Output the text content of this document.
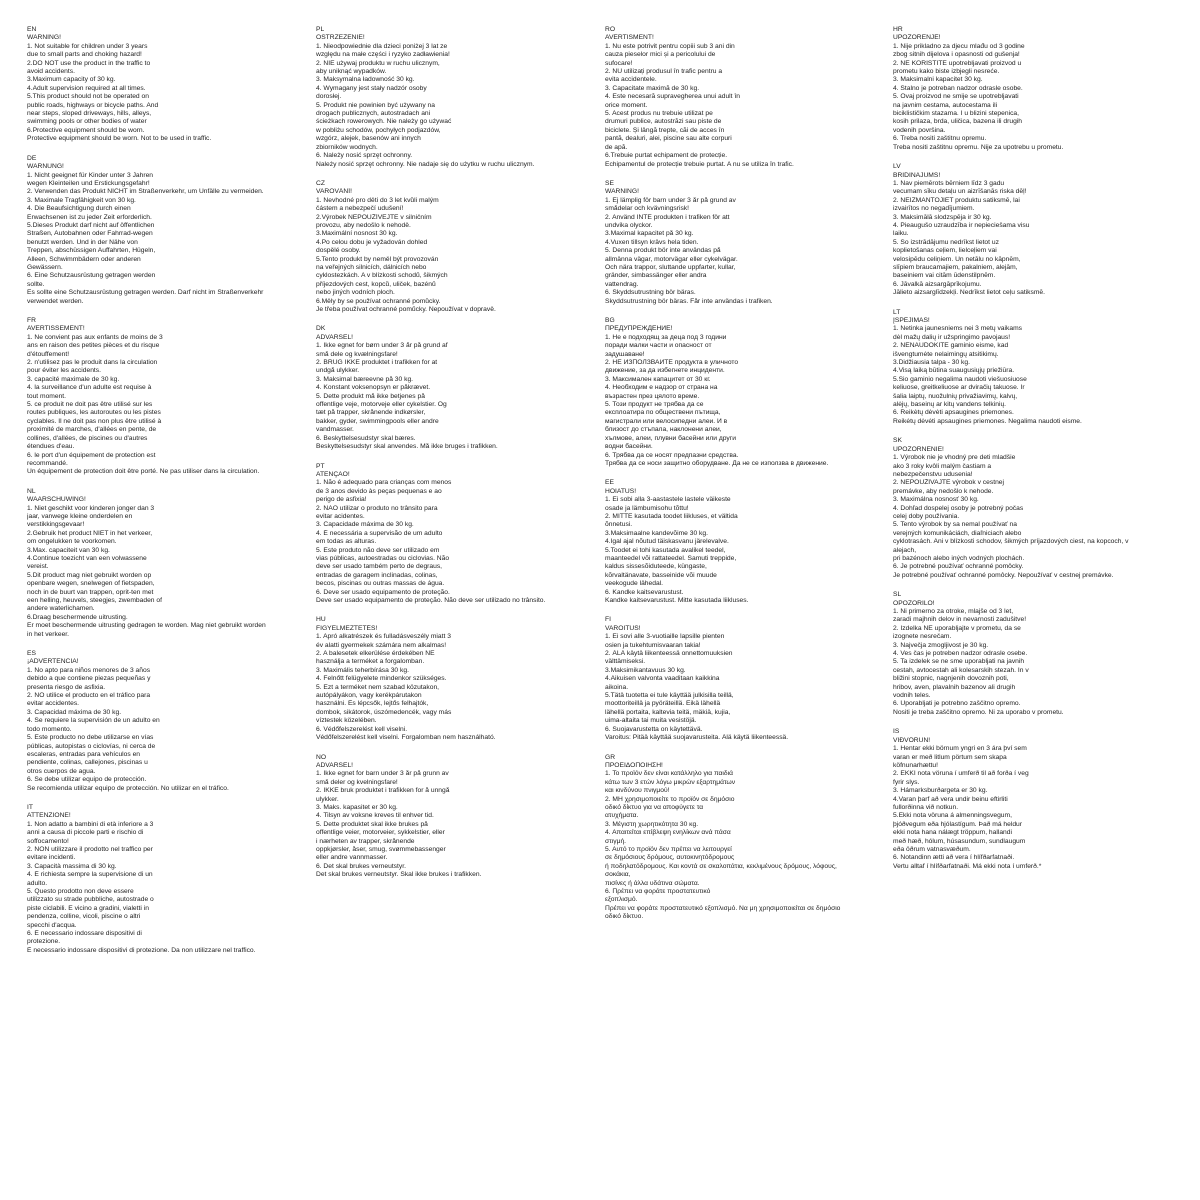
EN
WARNING!
1. Not suitable for children under 3 years
due to small parts and choking hazard!
2.DO NOT use the product in the traffic to
avoid accidents.
3.Maximum capacity of 30 kg.
4.Adult supervision required at all times.
5.This product should not be operated on
public roads, highways or bicycle paths. And
near steps, sloped driveways, hills, alleys,
swimming pools or other bodies of water
6.Protective equipment should be worn.
Protective equipment should be worn. Not to be used in traffic.
DE
WARNUNG!
1. Nicht geeignet für Kinder unter 3 Jahren
wegen Kleinteilen und Erstickungsgefahr!
2. Verwenden das Produkt NICHT im Straßenverkehr, um Unfälle zu vermeiden.
3. Maximale Tragfähigkeit von 30 kg.
4. Die Beaufsichtigung durch einen
Erwachsenen ist zu jeder Zeit erforderlich.
5.Dieses Produkt darf nicht auf öffentlichen
Straßen, Autobahnen oder Fahrrad-wegen
benutzt werden. Und in der Nähe von
Treppen, abschüssigen Auffahrten, Hügeln,
Alleen, Schwimmbädern oder anderen
Gewässern.
6. Eine Schutzausrüstung getragen werden
sollte.
Es sollte eine Schutzausrüstung getragen werden. Darf nicht im Straßenverkehr
verwendet werden.
FR
AVERTISSEMENT!
1. Ne convient pas aux enfants de moins de 3
ans en raison des petites pièces et du risque
d'étouffement!
2. n'utilisez pas le produit dans la circulation
pour éviter les accidents.
3. capacité maximale de 30 kg.
4. la surveillance d'un adulte est requise à
tout moment.
5. ce produit ne doit pas être utilisé sur les
routes publiques, les autoroutes ou les pistes
cyclables. Il ne doit pas non plus être utilisé à
proximité de marches, d'allées en pente, de
collines, d'allées, de piscines ou d'autres
étendues d'eau.
6. le port d'un équipement de protection est
recommandé.
Un équipement de protection doit être porté. Ne pas utiliser dans la circulation.
NL
WAARSCHUWING!
1. Niet geschikt voor kinderen jonger dan 3
jaar, vanwege kleine onderdelen en
verstikkingsgevaar!
2.Gebruik het product NIET in het verkeer,
om ongelukken te voorkomen.
3.Max. capaciteit van 30 kg.
4.Continue toezicht van een volwassene
vereist.
5.Dit product mag niet gebruikt worden op
openbare wegen, snelwegen of fietspaden,
noch in de buurt van trappen, oprit-ten met
een helling, heuvels, steegjes, zwembaden of
andere waterlichamen.
6.Draag beschermende uitrusting.
Er moet beschermende uitrusting gedragen te worden. Mag niet gebruikt worden
in het verkeer.
ES
¡ADVERTENCIA!
1. No apto para niños menores de 3 años
debido a que contiene piezas pequeñas y
presenta riesgo de asfixia.
2. NO utilice el producto en el tráfico para
evitar accidentes.
3. Capacidad máxima de 30 kg.
4. Se requiere la supervisión de un adulto en
todo momento.
5. Este producto no debe utilizarse en vías
públicas, autopistas o ciclovías, ni cerca de
escaleras, entradas para vehículos en
pendiente, colinas, callejones, piscinas u
otros cuerpos de agua.
6. Se debe utilizar equipo de protección.
Se recomienda utilizar equipo de protección. No utilizar en el tráfico.
IT
ATTENZIONE!
1. Non adatto a bambini di età inferiore a 3
anni a causa di piccole parti e rischio di
soffocamento!
2. NON utilizzare il prodotto nel traffico per
evitare incidenti.
3. Capacità massima di 30 kg.
4. È richiesta sempre la supervisione di un
adulto.
5. Questo prodotto non deve essere
utilizzato su strade pubbliche, autostrade o
piste ciclabili. E vicino a gradini, vialetti in
pendenza, colline, vicoli, piscine o altri
specchi d'acqua.
6. È necessario indossare dispositivi di
protezione.
È necessario indossare dispositivi di protezione. Da non utilizzare nel traffico.
PL
OSTRZEŻENIE!
1. Nieodpowiednie dla dzieci poniżej 3 lat ze
względu na małe części i ryzyko zadławienia!
2. NIE używaj produktu w ruchu ulicznym,
aby uniknąć wypadków.
3. Maksymalna ładowność 30 kg.
4. Wymagany jest stały nadzór osoby
dorosłej.
5. Produkt nie powinien być używany na
drogach publicznych, autostradach ani
ścieżkach rowerowych. Nie należy go używać
w pobliżu schodów, pochyłych podjazdów,
wzgórz, alejek, basenów ani innych
zbiorników wodnych.
6. Należy nosić sprzęt ochronny.
Należy nosić sprzęt ochronny. Nie nadaje się do użytku w ruchu ulicznym.
CZ
VAROVÁNÍ!
1. Nevhodné pro děti do 3 let kvůli malým
částem a nebezpečí udušení!
2.Výrobek NEPOUŽÍVEJTE v silničním
provozu, aby nedošlo k nehodě.
3.Maximální nosnost 30 kg.
4.Po celou dobu je vyžadován dohled
dospělé osoby.
5.Tento produkt by neměl být provozován
na veřejných silnicích, dálnicích nebo
cyklostezkách. A v blízkosti schodů, šikmých
příjezdových cest, kopců, uliček, bazénů
nebo jiných vodních ploch.
6.Měly by se používat ochranné pomůcky.
Je třeba používat ochranné pomůcky. Nepoužívat v dopravě.
DK
ADVARSEL!
1. Ikke egnet for børn under 3 år på grund af
små dele og kvælningsfare!
2. BRUG IKKE produktet i trafikken for at
undgå ulykker.
3. Maksimal bæreevne på 30 kg.
4. Konstant voksenopsyn er påkrævet.
5. Dette produkt må ikke betjenes på
offentlige veje, motorveje eller cykelstier. Og
tæt på trapper, skrånende indkørsler,
bakker, gyder, swimmingpools eller andre
vandmasser.
6. Beskyttelsesudstyr skal bæres.
Beskyttelsesudstyr skal anvendes. Må ikke bruges i trafikken.
PT
ATENÇÃO!
1. Não é adequado para crianças com menos
de 3 anos devido às peças pequenas e ao
perigo de asfixia!
2. NÃO utilizar o produto no trânsito para
evitar acidentes.
3. Capacidade máxima de 30 kg.
4. É necessária a supervisão de um adulto
em todas as alturas.
5. Este produto não deve ser utilizado em
vias públicas, autoestradas ou ciclovias. Não
deve ser usado também perto de degraus,
entradas de garagem inclinadas, colinas,
becos, piscinas ou outras massas de água.
6. Deve ser usado equipamento de proteção.
Deve ser usado equipamento de proteção. Não deve ser utilizado no trânsito.
HU
FIGYELMEZTETÉS!
1. Apró alkatrészek és fulladásveszély miatt 3
év alatti gyermekek számára nem alkalmas!
2. A balesetek elkerülése érdekében NE
használja a terméket a forgalomban.
3. Maximális teherbírása 30 kg.
4. Felnőtt felügyelete mindenkor szükséges.
5. Ezt a terméket nem szabad közutakon,
autópályákon, vagy kerékpárutakon
használni. És lépcsők, lejtős felhajtók,
dombok, sikátorok, úszómedencék, vagy más
víztestek közelében.
6. Védőfelszerelést kell viselni.
Védőfelszerelést kell viselni. Forgalomban nem használható.
NO
ADVARSEL!
1. Ikke egnet for barn under 3 år på grunn av
små deler og kvelningsfare!
2. IKKE bruk produktet i trafikken for å unngå
ulykker.
3. Maks. kapasitet er 30 kg.
4. Tilsyn av voksne kreves til enhver tid.
5. Dette produktet skal ikke brukes på
offentlige veier, motorveier, sykkelstier, eller
i nærheten av trapper, skrånende
oppkjørsler, åser, smug, svømmebassenger
eller andre vannmasser.
6. Det skal brukes verneutstyr.
Det skal brukes verneutstyr. Skal ikke brukes i trafikken.
RO
AVERTISMENT!
1. Nu este potrivit pentru copiii sub 3 ani din
cauza pieselor mici și a pericolului de
sufocare!
2. NU utilizați produsul în trafic pentru a
evita accidentele.
3. Capacitate maximă de 30 kg.
4. Este necesară supravegherea unui adult în
orice moment.
5. Acest produs nu trebuie utilizat pe
drumuri publice, autostrăzi sau piste de
biciclete. Și lângă trepte, căi de acces în
pantă, dealuri, alei, piscine sau alte corpuri
de apă.
6.Trebuie purtat echipament de protecție.
Echipamentul de protecție trebuie purtat. A nu se utiliza în trafic.
SE
WARNING!
1. Ej lämplig för barn under 3 år på grund av
smådelar och kvävningsrisk!
2. Använd INTE produkten i trafiken för att
undvika olyckor.
3.Maximal kapacitet på 30 kg.
4.Vuxen tillsyn krävs hela tiden.
5. Denna produkt bör inte användas på
allmänna vägar, motorvägar eller cykelvägar.
Och nära trappor, sluttande uppfarter, kullar,
gränder, simbassänger eller andra
vattendrag.
6. Skyddsutrustning bör bäras.
Skyddsutrustning bör bäras. Får inte användas i trafiken.
BG
ПРЕДУПРЕЖДЕНИЕ!
1. Не е подходящ за деца под 3 години
поради малки части и опасност от
задушаване!
2. НЕ ИЗПОЛЗВАЙТЕ продукта в уличното
движение, за да избегнете инциденти.
3. Максимален капацитет от 30 кг.
4. Необходим е надзор от страна на
възрастен през цялото време.
5. Този продукт не трябва да се
експлоатира по обществени пътища,
магистрали или велосипедни алеи. И в
близост до стъпала, наклонени алеи,
хълмове, алеи, плувни басейни или други
водни басейни.
6. Трябва да се носят предпазни средства.
Трябва да се носи защитно оборудване. Да не се използва в движение.
EE
HOIATUS!
1. Ei sobi alla 3-aastastele lastele väikeste
osade ja lämbumisohu tõttu!
2. MITTE kasutada toodet liikluses, et vältida
õnnetusi.
3.Maksimaalne kandevõime 30 kg.
4.Igal ajal nõutud täiskasvanu järelevalve.
5.Toodet ei tohi kasutada avalikel teedel,
maanteedel või rattateedel. Samuti treppide,
kaldus sissesõiduteede, küngaste,
kõrvaltänavate, basseinide või muude
veekogude lähedal.
6. Kandke kaitsevarustust.
Kandke kaitsevarustust. Mitte kasutada liikluses.
FI
VAROITUS!
1. Ei sovi alle 3-vuotiaille lapsille pienten
osien ja tukehtumisvaaran takia!
2. ÄLÄ käytä liikenteessä onnettomuuksien
välttämiseksi.
3.Maksimikantavuus 30 kg.
4.Aikuisen valvonta vaaditaan kaikkina
aikoina.
5.Tätä tuotetta ei tule käyttää julkisilla teillä,
moottoriteillä ja pyöräteillä. Eikä lähellä
lähellä portaita, kaltevia teitä, mäkiä, kujia,
uima-altaita tai muita vesistöjä.
6. Suojavarustetta on käytettävä.
Varoitus: Pitää käyttää suojavarusteita. Älä käytä liikenteessä.
GR
ΠΡΟΕΙΔΟΠΟΙΗΣΗ!
1. Το προϊόν δεν είναι κατάλληλο για παιδιά
κάτω των 3 ετών λόγω μικρών εξαρτημάτων
και κινδύνου πνιγμού!
2. ΜΗ χρησιμοποιείτε το προϊόν σε δημόσιο
οδικό δίκτυο για να αποφύγετε τα
ατυχήματα.
3. Μέγιστη χωρητικότητα 30 κg.
4. Απαιτείται επίβλεψη ενηλίκων ανά πάσα
στιγμή.
5. Αυτό το προϊόν δεν πρέπει να λειτουργεί
σε δημόσιους δρόμους, αυτοκινητόδρομους
ή ποδηλατόδρομους. Και κοντά σε σκαλοπάτια, κεκλιμένους δρόμους, λόφους,
σοκάκια,
πισίνες ή άλλα υδάτινα σώματα.
6. Πρέπει να φοράτε προστατευτικό
εξοπλισμό.
Πρέπει να φοράτε προστατευτικό εξοπλισμό. Να μη χρησιμοποιείται σε δημόσιο
οδικό δίκτυο.
HR
UPOZORENJE!
1. Nije prikladno za djecu mlađu od 3 godine
zbog sitnih dijelova i opasnosti od gušenja!
2. NE KORISTITE upotrebljavati proizvod u
prometu kako biste izbjegli nesreće.
3. Maksimalni kapacitet 30 kg.
4. Stalno je potreban nadzor odrasle osobe.
5. Ovaj proizvod ne smije se upotrebljavati
na javnim cestama, autocestama ili
biciklističkim stazama. I u blizini stepenica,
kosih prilaza, brda, uličica, bazena ili drugih
vodenih površina.
6. Treba nositi zaštitnu opremu.
Treba nositi zaštitnu opremu. Nije za upotrebu u prometu.
LV
BRĪDINĀJUMS!
1. Nav piemērots bērniem līdz 3 gadu
vecumam sīku detaļu un aizrīšanās riska dēļ!
2. NEIZMANTOJIET produktu satiksmē, lai
izvairītos no negadījumiem.
3. Maksimālā slodzspēja ir 30 kg.
4. Pieaugušo uzraudzība ir nepieciešama visu
laiku.
5. So izstrādājumu nedrīkst lietot uz
koplietošanas ceļiem, lielceļiem vai
velosipēdu celiņiem. Un netālu no kāpnēm,
slīpiem braucamajiem, pakalniem, alejām,
baseiniem vai citām ūdenstilpnēm.
6. Jāvalkā aizsargāprīkojumu.
Jālieto aizsarglīdzekļi. Nedrīkst lietot ceļu satiksmē.
LT
ĮSPĖJIMAS!
1. Netinka jaunesniems nei 3 metų vaikams
dėl mažų dalių ir užspringimo pavojaus!
2. NENAUDOKITE gaminio eisme, kad
išvengtumėte nelaimingų atsitikimų.
3.Didžiausia talpa - 30 kg.
4.Visą laiką būtina suaugusiųjų priežiūra.
5.Šio gaminio negalima naudoti viešuosiuose
keliuose, greitkeliuose ar dviračių takuose. Ir
šalia laiptų, nuožulnių privažiavimų, kalvų,
alėjų, baseinų ar kitų vandens telkinių.
6. Reikėtų dėvėti apsaugines priemones.
Reikėtų dėvėti apsaugines priemones. Negalima naudoti eisme.
SK
UPOZORNENIE!
1. Výrobok nie je vhodný pre deti mladšie
ako 3 roky kvôli malým častiam a
nebezpečenstvu udusenia!
2. NEPOUŽÍVAJTE výrobok v cestnej
premávke, aby nedošlo k nehode.
3. Maximálna nosnosť 30 kg.
4. Dohľad dospelej osoby je potrebný počas
celej doby používania.
5. Tento výrobok by sa nemal používať na
verejných komunikáciách, diaľniciach alebo
cyklotrasách. Ani v blízkosti schodov, šikmých príjazdových ciest, na kopcoch, v
alejach,
pri bazénoch alebo iných vodných plochách.
6. Je potrebné používať ochranné pomôcky.
Je potrebné používať ochranné pomôcky. Nepoužívať v cestnej premávke.
SL
OPOZORILO!
1. Ni primerno za otroke, mlajše od 3 let,
zaradi majhnih delov in nevarnosti zadušitve!
2. Izdelka NE uporabljajte v prometu, da se
izognete nesrečam.
3. Največja zmogljivost je 30 kg.
4. Ves čas je potreben nadzor odrasle osebe.
5. Ta izdelek se ne sme uporabljati na javnih
cestah, avtocestah ali kolesarskih stezah. In v
bližini stopnic, nagnjenih dovoznih poti,
hribov, aven, plavalnih bazenov ali drugih
vodnih teles.
6. Uporabljati je potrebno zaščitno opremo.
Nositi je treba zaščitno opremo. Ni za uporabo v prometu.
IS
VIÐVÖRUN!
1. Hentar ekki börnum yngri en 3 ára því sem
varan er með litlum pörtum sem skapa
köfnunarhættu!
2. EKKI nota vöruna í umferð til að forða í veg
fyrir slys.
3. Hámarksburðargeta er 30 kg.
4.Varan þarf að vera undir beinu eftirliti
fullorðinna við notkun.
5.Ekki nota vöruna á almenningsvegum,
þjóðvegum eða hjólastígum. Það má heldur
ekki nota hana nálægt tröppum, hallandi
með hæð, hólum, húsasundum, sundlaugum
eða öðrum vatnasvæðum.
6. Notandinn ætti að vera í hlífðarfatnaði.
Vertu alltaf í hlífðarfatnaði. Má ekki nota í umferð.*
